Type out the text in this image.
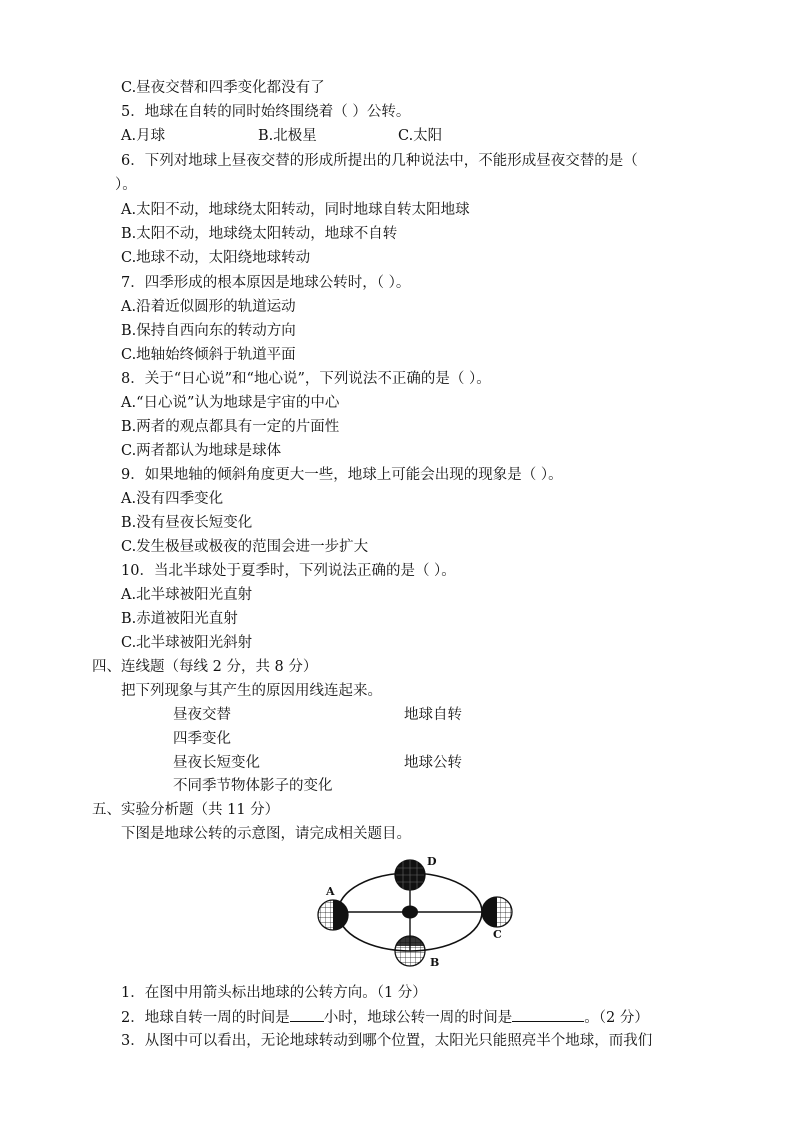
C.昼夜交替和四季变化都没有了
5．地球在自转的同时始终围绕着（ ）公转。
A.月球	B.北极星	C.太阳
6．下列对地球上昼夜交替的形成所提出的几种说法中，不能形成昼夜交替的是（
）。
A.太阳不动，地球绕太阳转动，同时地球自转太阳地球
B.太阳不动，地球绕太阳转动，地球不自转
C.地球不动，太阳绕地球转动
7．四季形成的根本原因是地球公转时，（ ）。
A.沿着近似圆形的轨道运动
B.保持自西向东的转动方向
C.地轴始终倾斜于轨道平面
8．关于“日心说”和“地心说”，下列说法不正确的是（ ）。
A.“日心说”认为地球是宇宙的中心
B.两者的观点都具有一定的片面性
C.两者都认为地球是球体
9．如果地轴的倾斜角度更大一些，地球上可能会出现的现象是（ ）。
A.没有四季变化
B.没有昼夜长短变化
C.发生极昼或极夜的范围会进一步扩大
10．当北半球处于夏季时，下列说法正确的是（ ）。
A.北半球被阳光直射
B.赤道被阳光直射
C.北半球被阳光斜射
四、连线题（每线 2 分，共 8 分）
把下列现象与其产生的原因用线连起来。
昼夜交替	地球自转
四季变化
昼夜长短变化	地球公转
不同季节物体影子的变化
五、实验分析题（共 11 分）
下图是地球公转的示意图，请完成相关题目。
A
D
C
B
1．在图中用箭头标出地球的公转方向。（1 分）
2．地球自转一周的时间是 小时，地球公转一周的时间是	。（2 分）
3．从图中可以看出，无论地球转动到哪个位置，太阳光只能照亮半个地球，而我们
